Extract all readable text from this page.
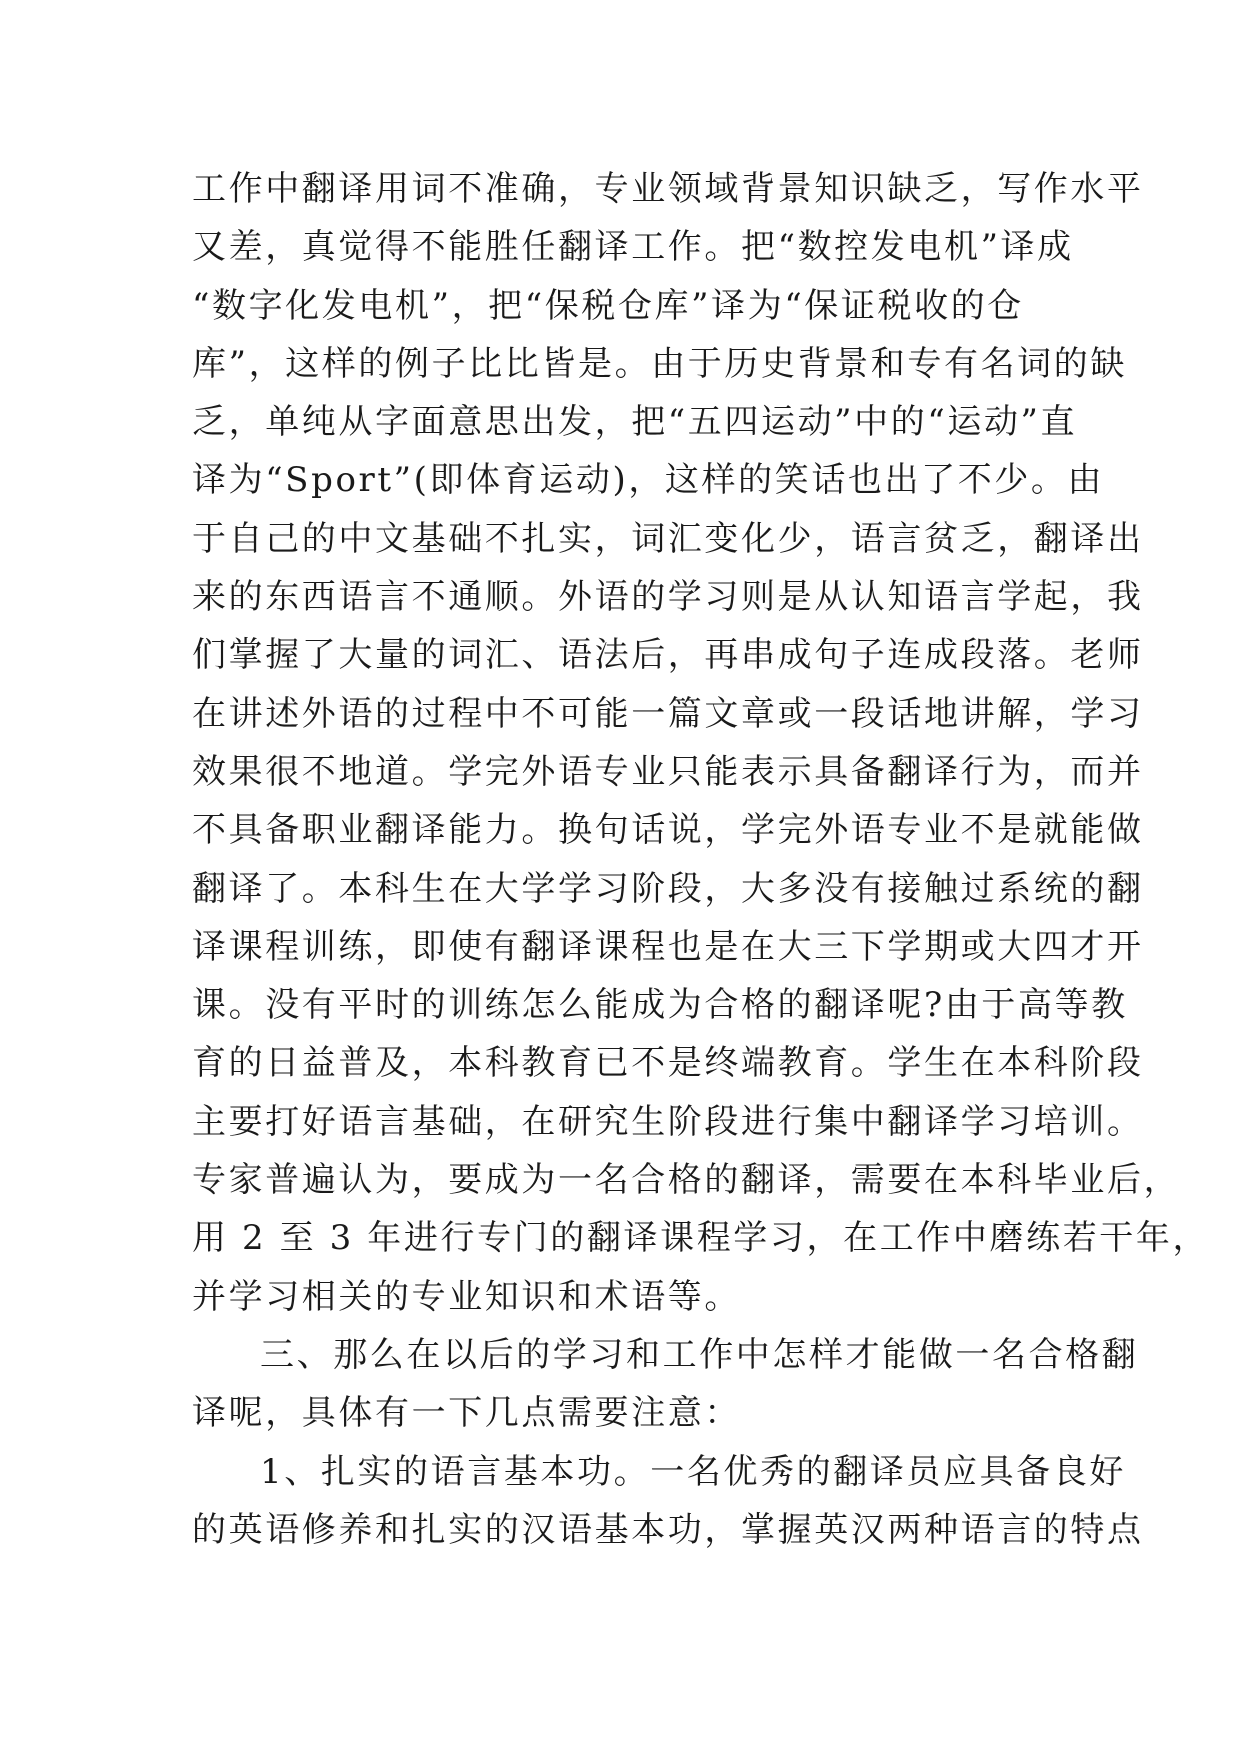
工作中翻译用词不准确，专业领域背景知识缺乏，写作水平
又差，真觉得不能胜任翻译工作。把“数控发电机”译成
“数字化发电机”，把“保税仓库”译为“保证税收的仓
库”，这样的例子比比皆是。由于历史背景和专有名词的缺
乏，单纯从字面意思出发，把“五四运动”中的“运动”直
译为“Sport”(即体育运动)，这样的笑话也出了不少。由
于自己的中文基础不扎实，词汇变化少，语言贫乏，翻译出
来的东西语言不通顺。外语的学习则是从认知语言学起，我
们掌握了大量的词汇、语法后，再串成句子连成段落。老师
在讲述外语的过程中不可能一篇文章或一段话地讲解，学习
效果很不地道。学完外语专业只能表示具备翻译行为，而并
不具备职业翻译能力。换句话说，学完外语专业不是就能做
翻译了。本科生在大学学习阶段，大多没有接触过系统的翻
译课程训练，即使有翻译课程也是在大三下学期或大四才开
课。没有平时的训练怎么能成为合格的翻译呢?由于高等教
育的日益普及，本科教育已不是终端教育。学生在本科阶段
主要打好语言基础，在研究生阶段进行集中翻译学习培训。
专家普遍认为，要成为一名合格的翻译，需要在本科毕业后，
用 2 至 3 年进行专门的翻译课程学习，在工作中磨练若干年，
并学习相关的专业知识和术语等。
三、那么在以后的学习和工作中怎样才能做一名合格翻
译呢，具体有一下几点需要注意：
1、扎实的语言基本功。一名优秀的翻译员应具备良好
的英语修养和扎实的汉语基本功，掌握英汉两种语言的特点
